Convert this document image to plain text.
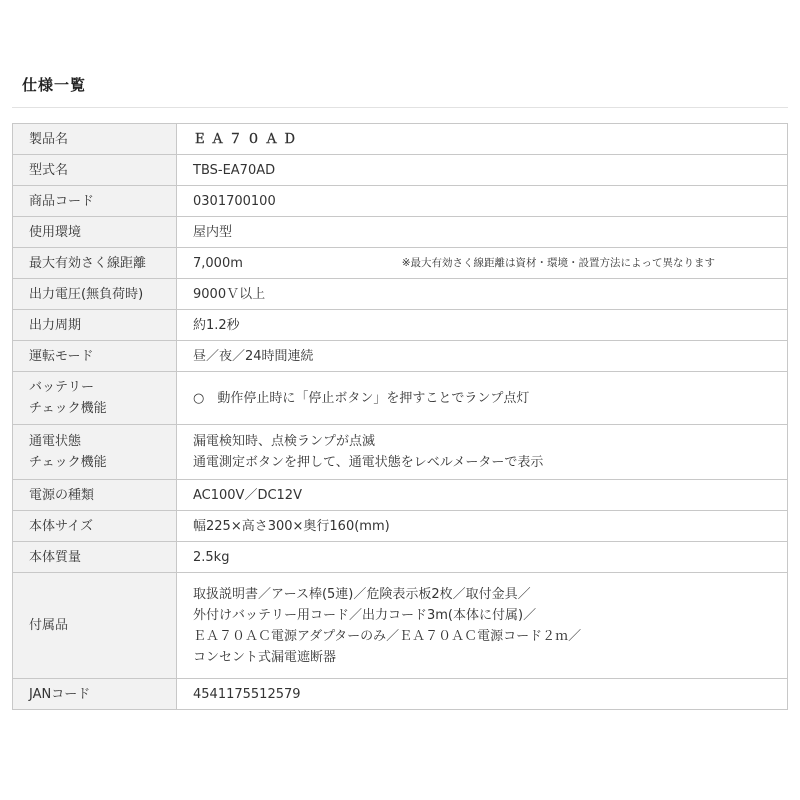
仕様一覧
製品名	ＥＡ７０ＡＤ
型式名	TBS-EA70AD
商品コード	0301700100
使用環境	屋内型
最大有効さく線距離	7,000m ※最大有効さく線距離は資材・環境・設置方法によって異なります

出力電圧(無負荷時)	9000Ｖ以上
出力周期	約1.2秒
運転モード	昼／夜／24時間連続

バッテリー
チェック機能	○　動作停止時に「停止ボタン」を押すことでランプ点灯

通電状態
チェック機能	漏電検知時、点検ランプが点滅
通電測定ボタンを押して、通電状態をレベルメーターで表示

電源の種類	AC100V／DC12V
本体サイズ	幅225×高さ300×奥行160(mm)
本体質量	2.5kg
付属品	取扱説明書／アース棒(5連)／危険表示板2枚／取付金具／
外付けバッテリー用コード／出力コード3m(本体に付属)／
ＥＡ７０ＡＣ電源アダプターのみ／ＥＡ７０ＡＣ電源コード２ｍ／
コンセント式漏電遮断器

JANコード	4541175512579
